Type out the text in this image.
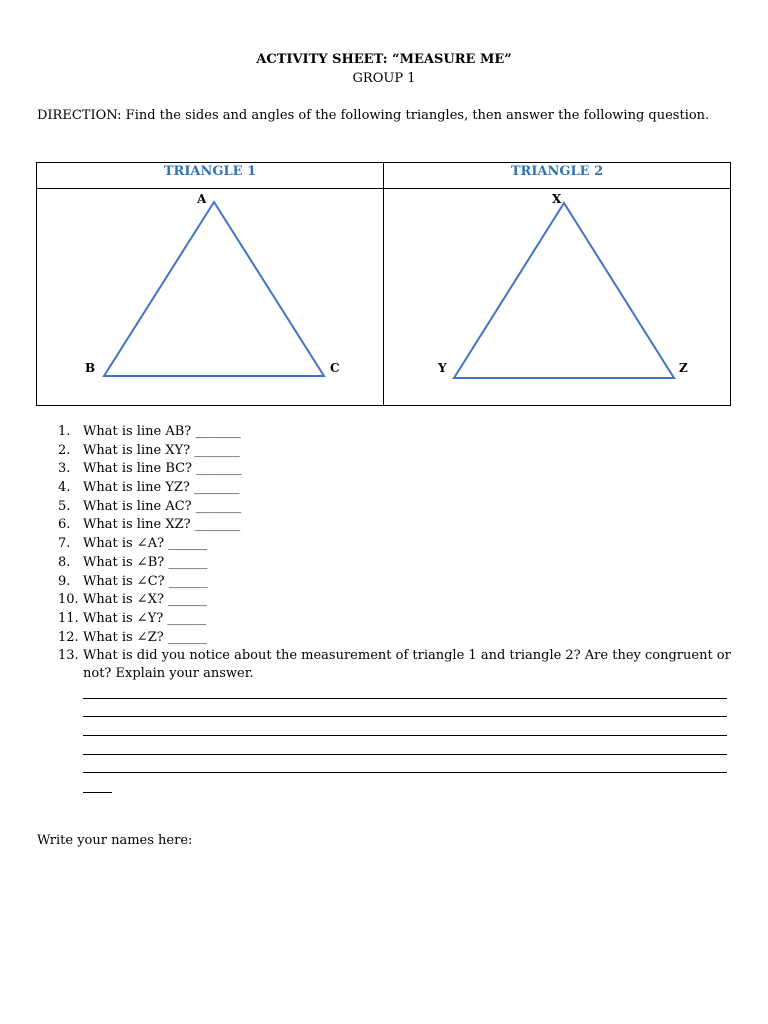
ACTIVITY SHEET: “MEASURE ME”
GROUP 1
DIRECTION: Find the sides and angles of the following triangles, then answer the following question.
TRIANGLE 1	TRIANGLE 2

A
B C	X
Y Z
1. What is line AB? _______
2. What is line XY? _______
3. What is line BC? _______
4. What is line YZ? _______
5. What is line AC? _______
6. What is line XZ? _______
7. What is ∠A? ______
8. What is ∠B? ______
9. What is ∠C? ______
10. What is ∠X? ______
11. What is ∠Y? ______
12. What is ∠Z? ______
13. What is did you notice about the measurement of triangle 1 and triangle 2? Are they congruent or not? Explain your answer.
Write your names here:
